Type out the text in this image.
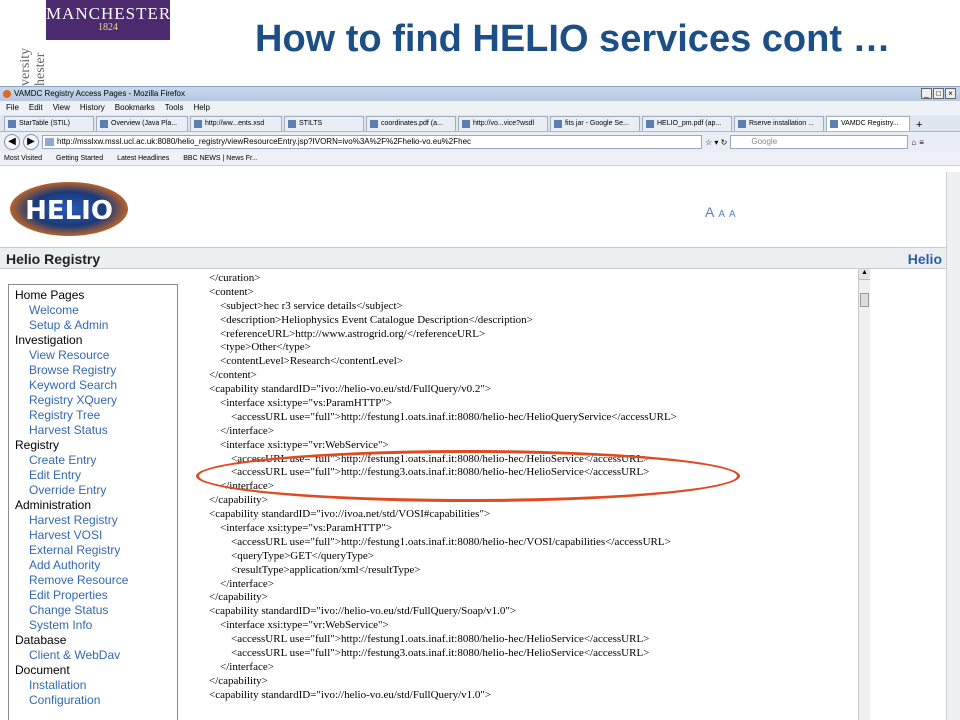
MANCHESTER
1824
versity hester
How to find HELIO services cont …
VAMDC Registry Access Pages - Mozilla Firefox	_ □ ×
File Edit View History Bookmarks Tools Help
StarTable (STIL)	Overview (Java Pla...	http://ww...ents.xsd	STILTS	coordinates.pdf (a...	http://vo...vice?wsdl	fits jar - Google Se...	HELIO_pm.pdf (ap...	Rserve installation ...	VAMDC Registry...	+
◀	▶	http://msslxw.mssl.ucl.ac.uk:8080/helio_registry/viewResourceEntry.jsp?IVORN=ivo%3A%2F%2Fhelio-vo.eu%2Fhec	☆ ▾ ↻	Google	⌂ ≡
Most Visited Getting Started Latest Headlines BBC NEWS | News Fr...
HELIO	A A A
Helio Registry	Helio
Home Pages
Welcome
Setup & Admin
Investigation
View Resource
Browse Registry
Keyword Search
Registry XQuery
Registry Tree
Harvest Status
Registry
Create Entry
Edit Entry
Override Entry
Administration
Harvest Registry
Harvest VOSI
External Registry
Add Authority
Remove Resource
Edit Properties
Change Status
System Info
Database
Client & WebDav
Document
Installation
Configuration
</curation>
<content>
<subject>hec r3 service details</subject>
<description>Heliophysics Event Catalogue Description</description>
<referenceURL>http://www.astrogrid.org/</referenceURL>
<type>Other</type>
<contentLevel>Research</contentLevel>
</content>
<capability standardID="ivo://helio-vo.eu/std/FullQuery/v0.2">
<interface xsi:type="vs:ParamHTTP">
<accessURL use="full">http://festung1.oats.inaf.it:8080/helio-hec/HelioQueryService</accessURL>
</interface>
<interface xsi:type="vr:WebService">
<accessURL use="full">http://festung1.oats.inaf.it:8080/helio-hec/HelioService</accessURL>
<accessURL use="full">http://festung3.oats.inaf.it:8080/helio-hec/HelioService</accessURL>
</interface>
</capability>
<capability standardID="ivo://ivoa.net/std/VOSI#capabilities">
<interface xsi:type="vs:ParamHTTP">
<accessURL use="full">http://festung1.oats.inaf.it:8080/helio-hec/VOSI/capabilities</accessURL>
<queryType>GET</queryType>
<resultType>application/xml</resultType>
</interface>
</capability>
<capability standardID="ivo://helio-vo.eu/std/FullQuery/Soap/v1.0">
<interface xsi:type="vr:WebService">
<accessURL use="full">http://festung1.oats.inaf.it:8080/helio-hec/HelioService</accessURL>
<accessURL use="full">http://festung3.oats.inaf.it:8080/helio-hec/HelioService</accessURL>
</interface>
</capability>
<capability standardID="ivo://helio-vo.eu/std/FullQuery/v1.0">
▲
